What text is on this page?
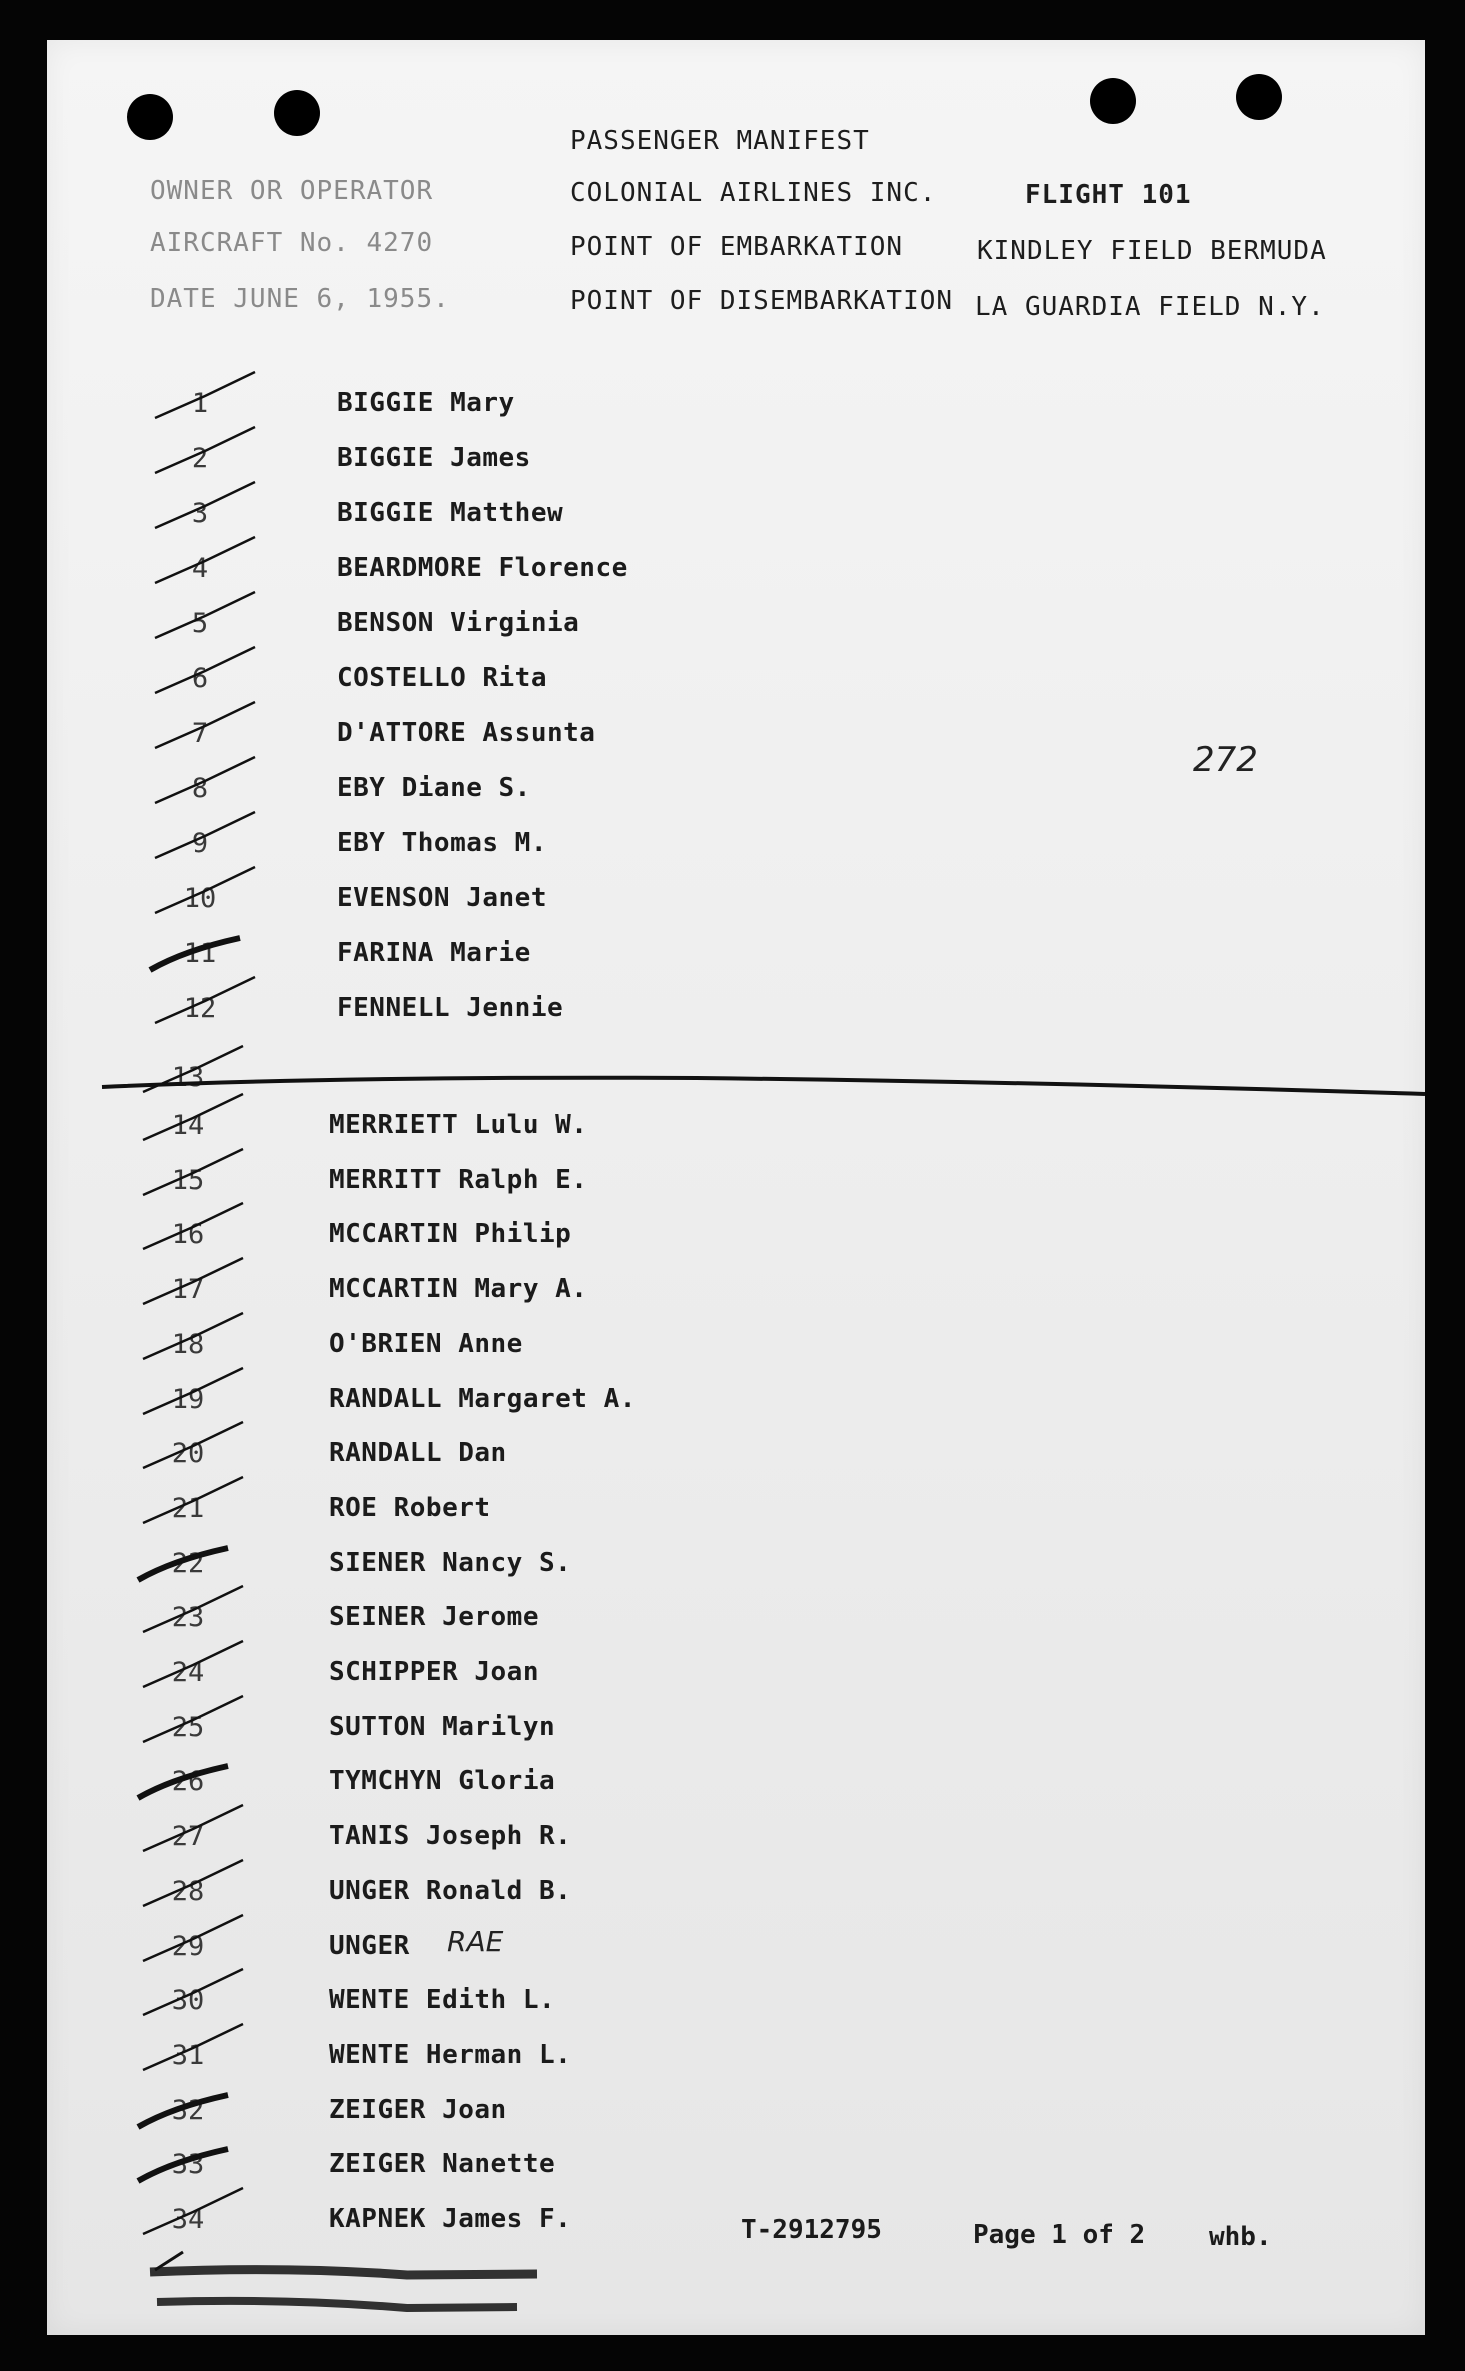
PASSENGER MANIFEST
OWNER OR OPERATOR	COLONIAL AIRLINES INC.	FLIGHT 101
AIRCRAFT No. 4270	POINT OF EMBARKATION	KINDLEY FIELD BERMUDA
DATE JUNE 6, 1955.	POINT OF DISEMBARKATION LA GUARDIA FIELD N.Y.
272
1	BIGGIE Mary
2	BIGGIE James
3	BIGGIE Matthew
4	BEARDMORE Florence
5	BENSON Virginia
6	COSTELLO Rita
7	D'ATTORE Assunta
8	EBY Diane S.
9	EBY Thomas M.
10	EVENSON Janet
11	FARINA Marie
12	FENNELL Jennie
13
14	MERRIETT Lulu W.
15	MERRITT Ralph E.
16	MCCARTIN Philip
17	MCCARTIN Mary A.
18	O'BRIEN Anne
19	RANDALL Margaret A.
20	RANDALL Dan
21	ROE Robert
22	SIENER Nancy S.
23	SEINER Jerome
24	SCHIPPER Joan
25	SUTTON Marilyn
26	TYMCHYN Gloria
27	TANIS Joseph R.
28	UNGER Ronald B.
29	UNGER RAE
30	WENTE Edith L.
31	WENTE Herman L.
32	ZEIGER Joan
33	ZEIGER Nanette
34	KAPNEK James F.	T-2912795	Page 1 of 2 whb.
